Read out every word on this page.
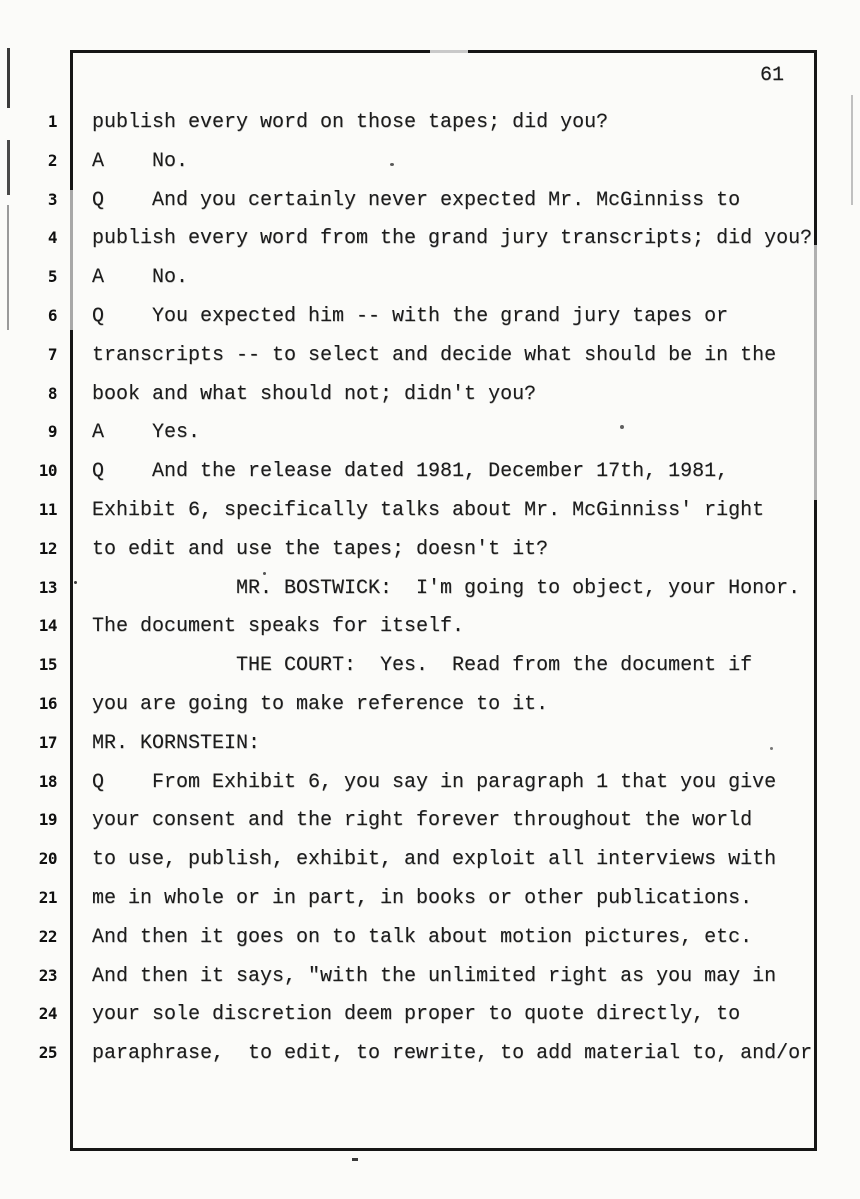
61
1 publish every word on those tapes; did you?
2 A    No.
3 Q    And you certainly never expected Mr. McGinniss to
4 publish every word from the grand jury transcripts; did you?
5 A    No.
6 Q    You expected him -- with the grand jury tapes or
7 transcripts -- to select and decide what should be in the
8 book and what should not; didn't you?
9 A    Yes.
10 Q    And the release dated 1981, December 17th, 1981,
11 Exhibit 6, specifically talks about Mr. McGinniss' right
12 to edit and use the tapes; doesn't it?
13 MR. BOSTWICK:  I'm going to object, your Honor.
14 The document speaks for itself.
15 THE COURT:  Yes.  Read from the document if
16 you are going to make reference to it.
17 MR. KORNSTEIN:
18 Q    From Exhibit 6, you say in paragraph 1 that you give
19 your consent and the right forever throughout the world
20 to use, publish, exhibit, and exploit all interviews with
21 me in whole or in part, in books or other publications.
22 And then it goes on to talk about motion pictures, etc.
23 And then it says, "with the unlimited right as you may in
24 your sole discretion deem proper to quote directly, to
25 paraphrase,  to edit, to rewrite, to add material to, and/or
